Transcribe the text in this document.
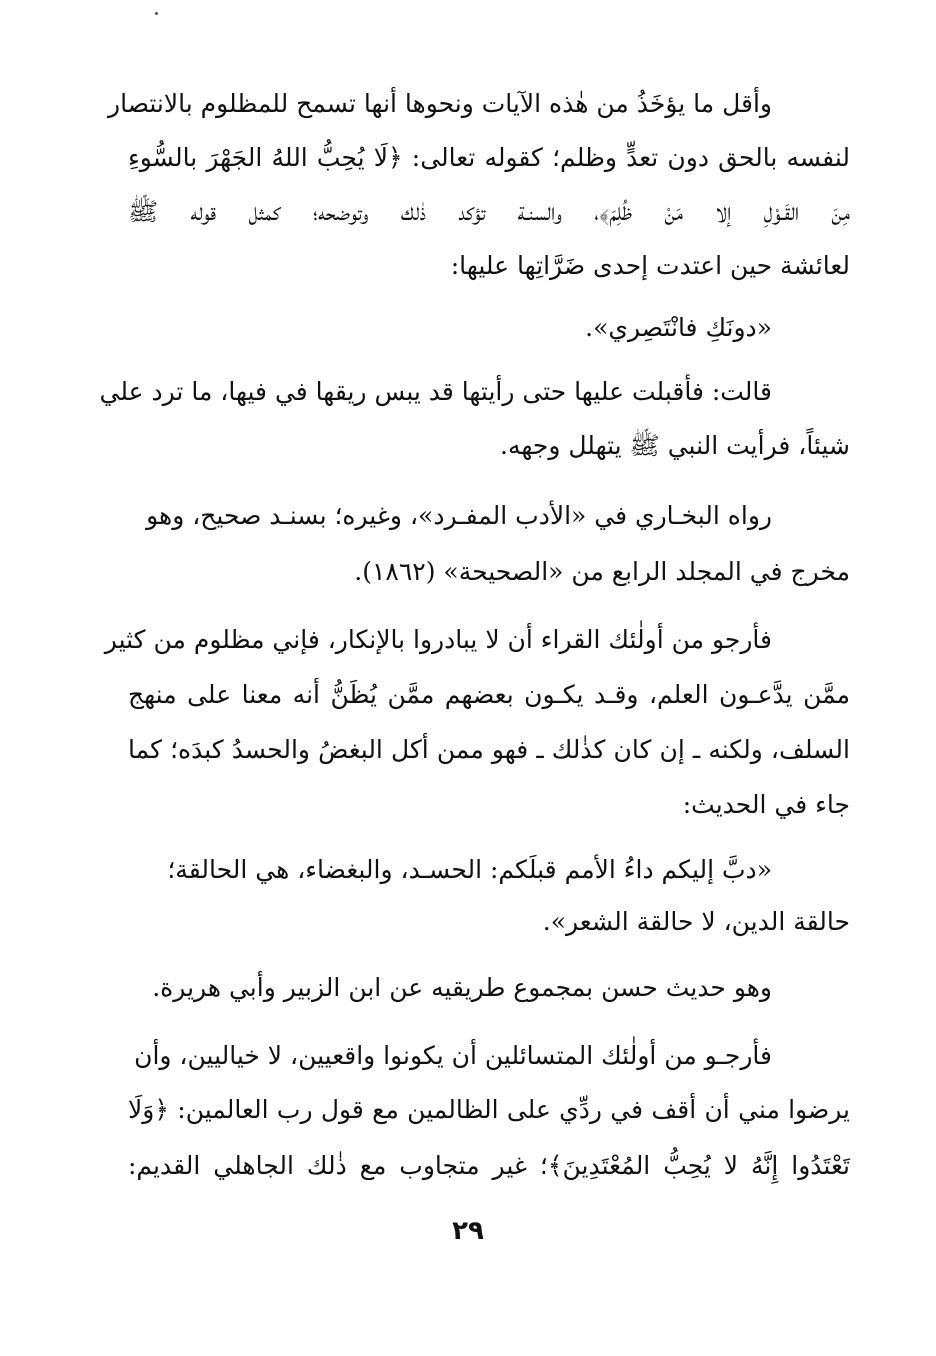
وأقل ما يؤخَذُ من هٰذه الآيات ونحوها أنها تسمح للمظلوم بالانتصار
لنفسه بالحق دون تعدٍّ وظلم؛ كقوله تعالى: ﴿لَا يُحِبُّ اللهُ الجَهْرَ بالسُّوءِ
مِنَ القَـوْلِ إلا مَنْ ظُلِمَ﴾، والسنـة تؤكد ذٰلك وتوضحه؛ كمثل قوله ﷺ
لعائشة حين اعتدت إحدى ضَرَّاتِها عليها:
«دونَكِ فانْتَصِري».
قالت: فأقبلت عليها حتى رأيتها قد يبس ريقها في فيها، ما ترد علي
شيئاً، فرأيت النبي ﷺ يتهلل وجهه.
رواه البخـاري في «الأدب المفـرد»، وغيره؛ بسنـد صحيح، وهو
مخرج في المجلد الرابع من «الصحيحة» (١٨٦٢).
فأرجو من أولٰئك القراء أن لا يبادروا بالإنكار، فإني مظلوم من كثير
ممَّن يدَّعـون العلم، وقـد يكـون بعضهم ممَّن يُظَنُّ أنه معنا على منهج
السلف، ولكنه ـ إن كان كذٰلك ـ فهو ممن أكل البغضُ والحسدُ كبدَه؛ كما
جاء في الحديث:
«دبَّ إليكم داءُ الأمم قبلَكم: الحسـد، والبغضاء، هي الحالقة؛
حالقة الدين، لا حالقة الشعر».
وهو حديث حسن بمجموع طريقيه عن ابن الزبير وأبي هريرة.
فأرجـو من أولٰئك المتسائلين أن يكونوا واقعيين، لا خياليين، وأن
يرضوا مني أن أقف في ردِّي على الظالمين مع قول رب العالمين: ﴿وَلَا
تَعْتَدُوا إِنَّهُ لا يُحِبُّ المُعْتَدِينَ﴾؛ غير متجاوب مع ذٰلك الجاهلي القديم:
٢٩
